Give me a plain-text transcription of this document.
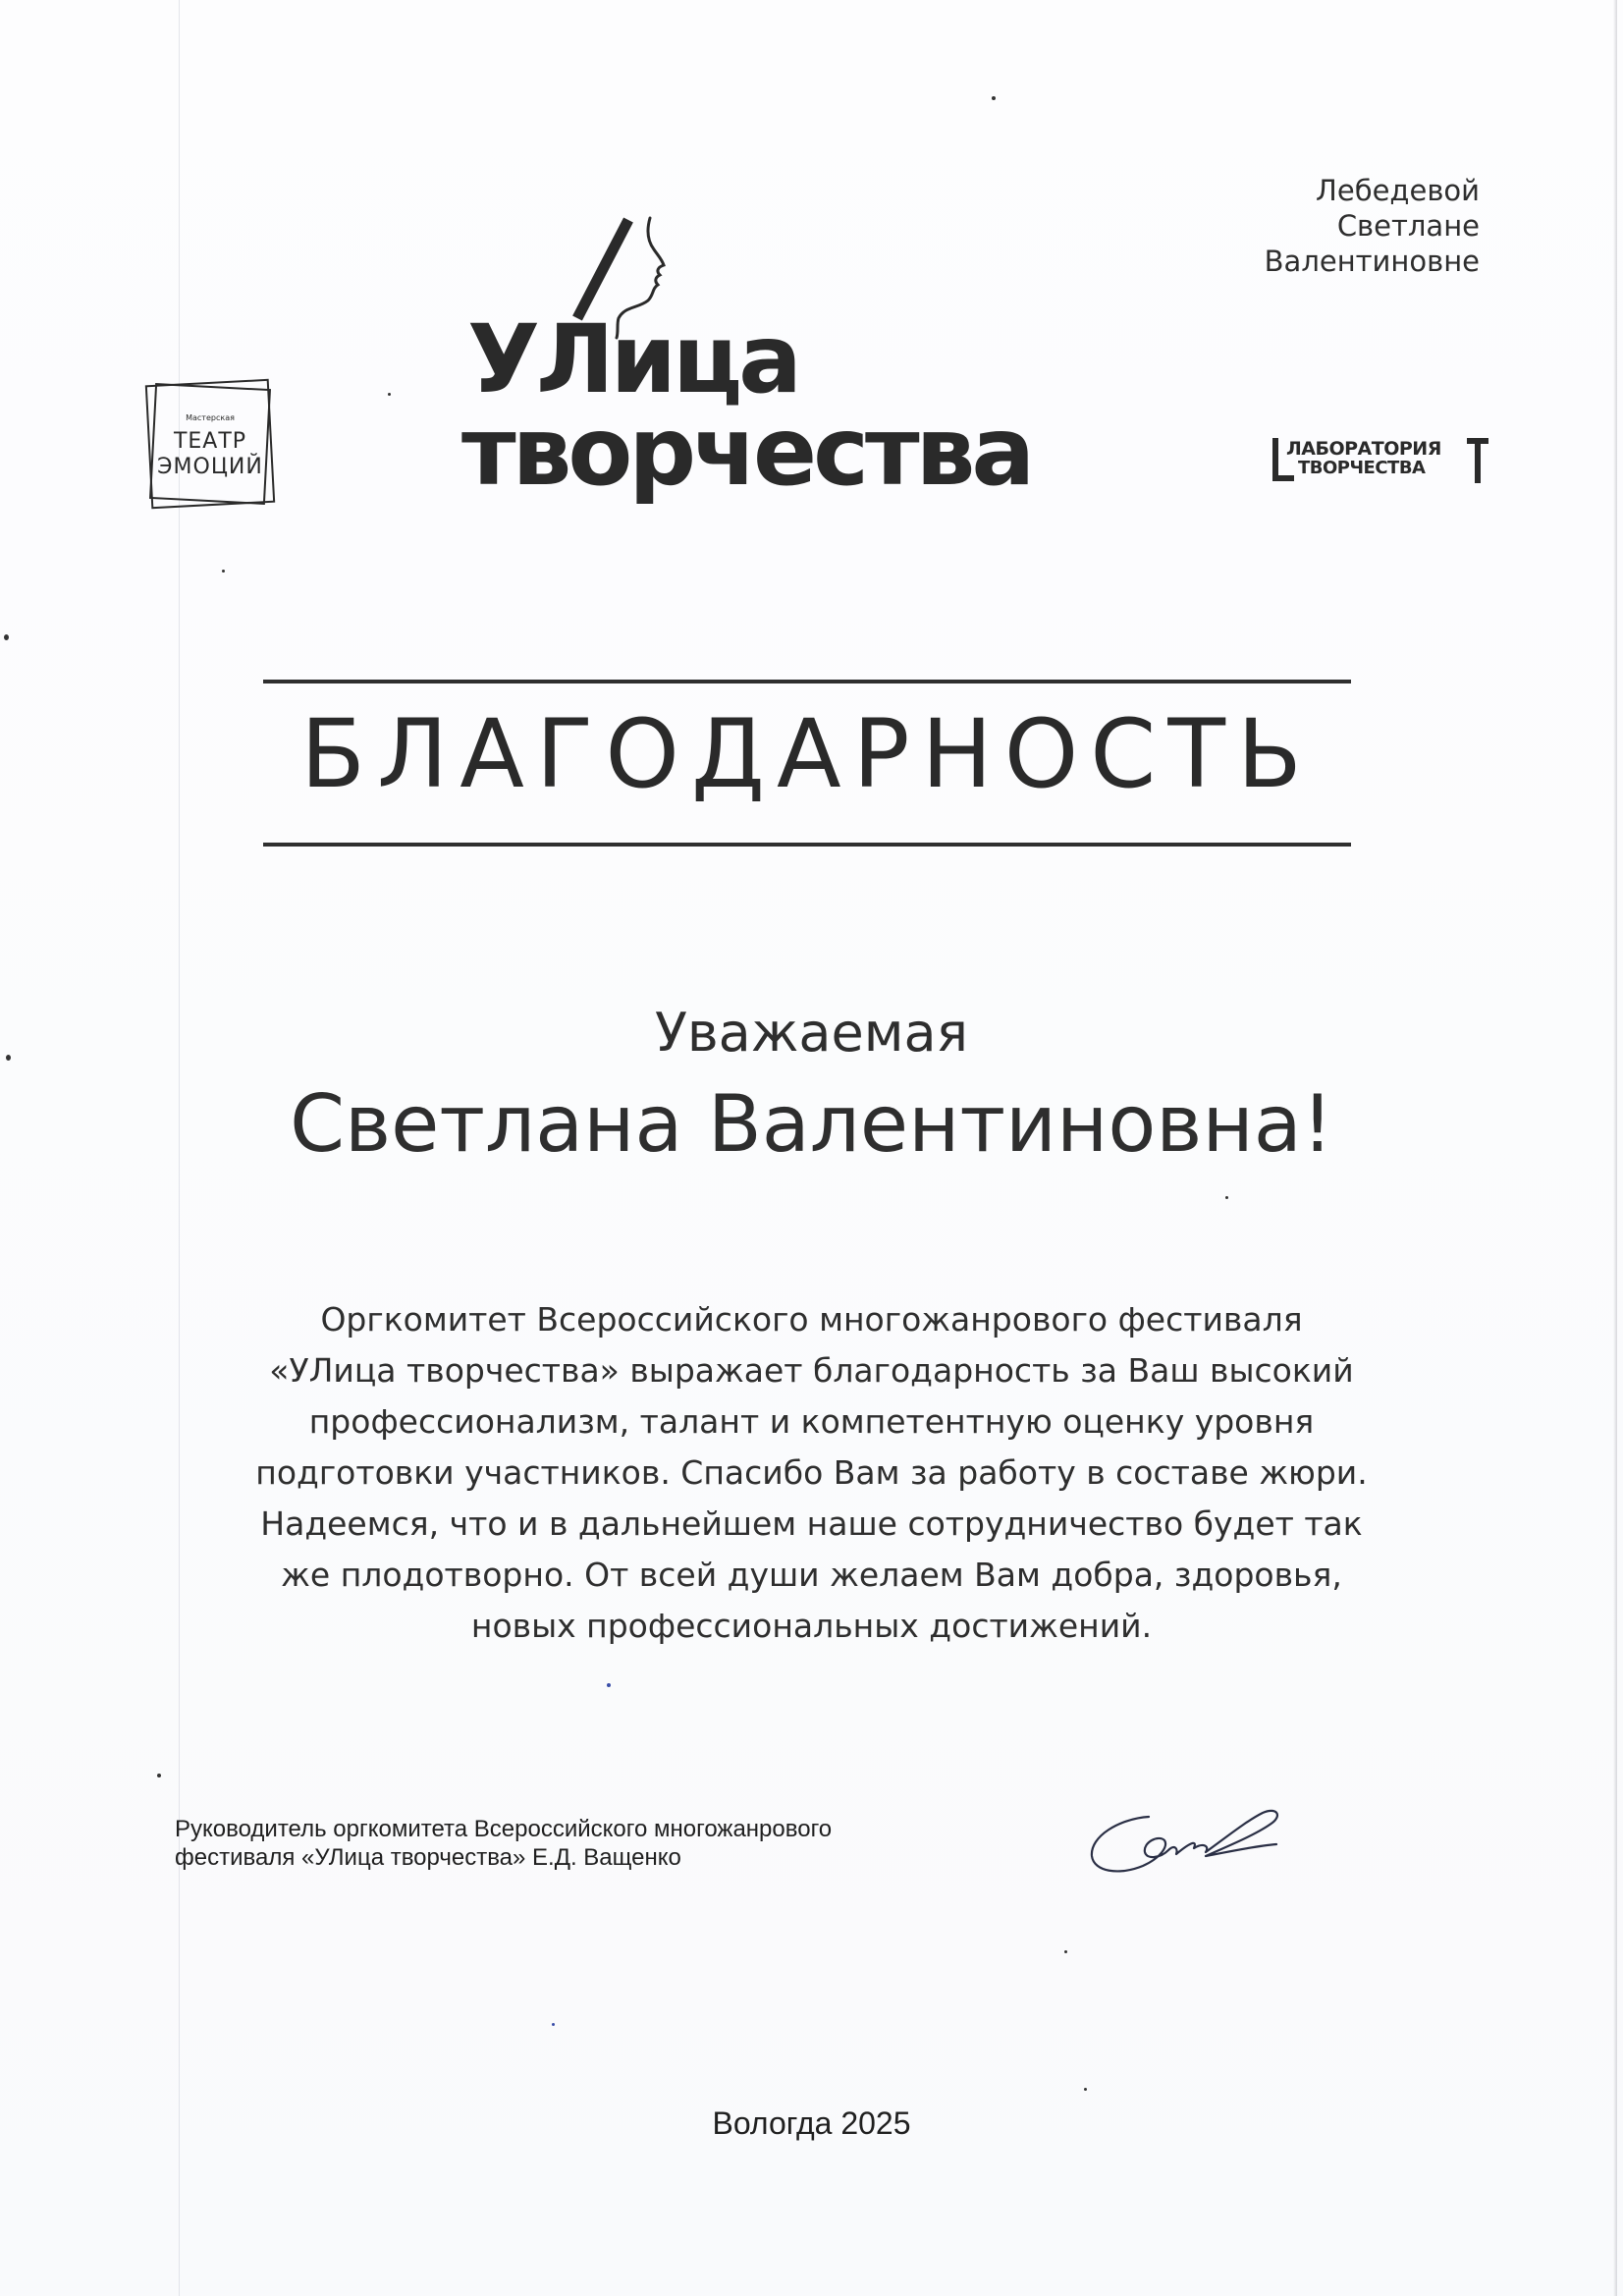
Лебедевой
Светлане
Валентиновне
Мастерская
ТЕАТР
ЭМОЦИЙ
УЛица
творчества	ЛАБОРАТОРИЯ
ТВОРЧЕСТВА
БЛАГОДАРНОСТЬ
Уважаемая
Светлана Валентиновна!
Оргкомитет Всероссийского многожанрового фестиваля
«УЛица творчества» выражает благодарность за Ваш высокий
профессионализм, талант и компетентную оценку уровня
подготовки участников. Спасибо Вам за работу в составе жюри.
Надеемся, что и в дальнейшем наше сотрудничество будет так
же плодотворно. От всей души желаем Вам добра, здоровья,
новых профессиональных достижений.
Руководитель оргкомитета Всероссийского многожанрового
фестиваля «УЛица творчества» Е.Д. Ващенко
Вологда 2025
